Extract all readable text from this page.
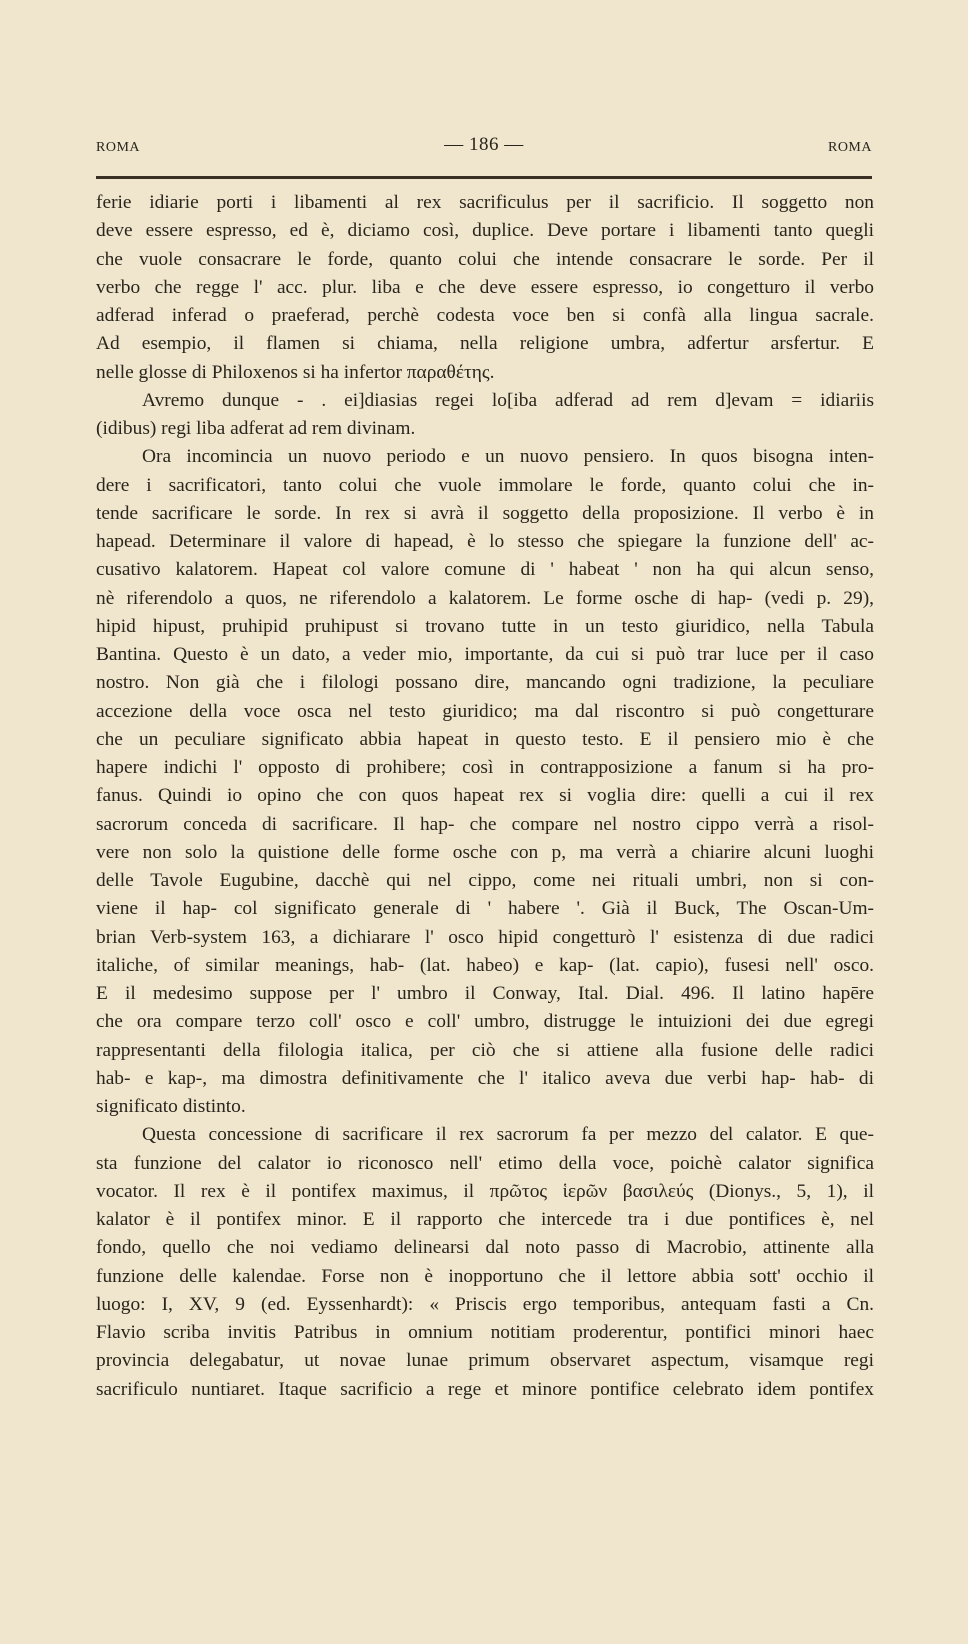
ROMA	— 186 —	ROMA
ferie idiarie porti i libamenti al rex sacrificulus per il sacrificio. Il soggetto non
deve essere espresso, ed è, diciamo così, duplice. Deve portare i libamenti tanto quegli
che vuole consacrare le forde, quanto colui che intende consacrare le sorde. Per il
verbo che regge l' acc. plur. liba e che deve essere espresso, io congetturo il verbo
adferad inferad o praeferad, perchè codesta voce ben si confà alla lingua sacrale.
Ad esempio, il flamen si chiama, nella religione umbra, adfertur arsfertur. E
nelle glosse di Philoxenos si ha infertor παραθέτης.
Avremo dunque - . ei]diasias regei lo[iba adferad ad rem d]evam = idiariis
(idibus) regi liba adferat ad rem divinam.
Ora incomincia un nuovo periodo e un nuovo pensiero. In quos bisogna inten-
dere i sacrificatori, tanto colui che vuole immolare le forde, quanto colui che in-
tende sacrificare le sorde. In rex si avrà il soggetto della proposizione. Il verbo è in
hapead. Determinare il valore di hapead, è lo stesso che spiegare la funzione dell' ac-
cusativo kalatorem. Hapeat col valore comune di ' habeat ' non ha qui alcun senso,
nè riferendolo a quos, ne riferendolo a kalatorem. Le forme osche di hap- (vedi p. 29),
hipid hipust, pruhipid pruhipust si trovano tutte in un testo giuridico, nella Tabula
Bantina. Questo è un dato, a veder mio, importante, da cui si può trar luce per il caso
nostro. Non già che i filologi possano dire, mancando ogni tradizione, la peculiare
accezione della voce osca nel testo giuridico; ma dal riscontro si può congetturare
che un peculiare significato abbia hapeat in questo testo. E il pensiero mio è che
hapere indichi l' opposto di prohibere; così in contrapposizione a fanum si ha pro-
fanus. Quindi io opino che con quos hapeat rex si voglia dire: quelli a cui il rex
sacrorum conceda di sacrificare. Il hap- che compare nel nostro cippo verrà a risol-
vere non solo la quistione delle forme osche con p, ma verrà a chiarire alcuni luoghi
delle Tavole Eugubine, dacchè qui nel cippo, come nei rituali umbri, non si con-
viene il hap- col significato generale di ' habere '. Già il Buck, The Oscan-Um-
brian Verb-system 163, a dichiarare l' osco hipid congetturò l' esistenza di due radici
italiche, of similar meanings, hab- (lat. habeo) e kap- (lat. capio), fusesi nell' osco.
E il medesimo suppose per l' umbro il Conway, Ital. Dial. 496. Il latino hapēre
che ora compare terzo coll' osco e coll' umbro, distrugge le intuizioni dei due egregi
rappresentanti della filologia italica, per ciò che si attiene alla fusione delle radici
hab- e kap-, ma dimostra definitivamente che l' italico aveva due verbi hap- hab- di
significato distinto.
Questa concessione di sacrificare il rex sacrorum fa per mezzo del calator. E que-
sta funzione del calator io riconosco nell' etimo della voce, poichè calator significa
vocator. Il rex è il pontifex maximus, il πρῶτος ἱερῶν βασιλεύς (Dionys., 5, 1), il
kalator è il pontifex minor. E il rapporto che intercede tra i due pontifices è, nel
fondo, quello che noi vediamo delinearsi dal noto passo di Macrobio, attinente alla
funzione delle kalendae. Forse non è inopportuno che il lettore abbia sott' occhio il
luogo: I, XV, 9 (ed. Eyssenhardt): « Priscis ergo temporibus, antequam fasti a Cn.
Flavio scriba invitis Patribus in omnium notitiam proderentur, pontifici minori haec
provincia delegabatur, ut novae lunae primum observaret aspectum, visamque regi
sacrificulo nuntiaret. Itaque sacrificio a rege et minore pontifice celebrato idem pontifex
